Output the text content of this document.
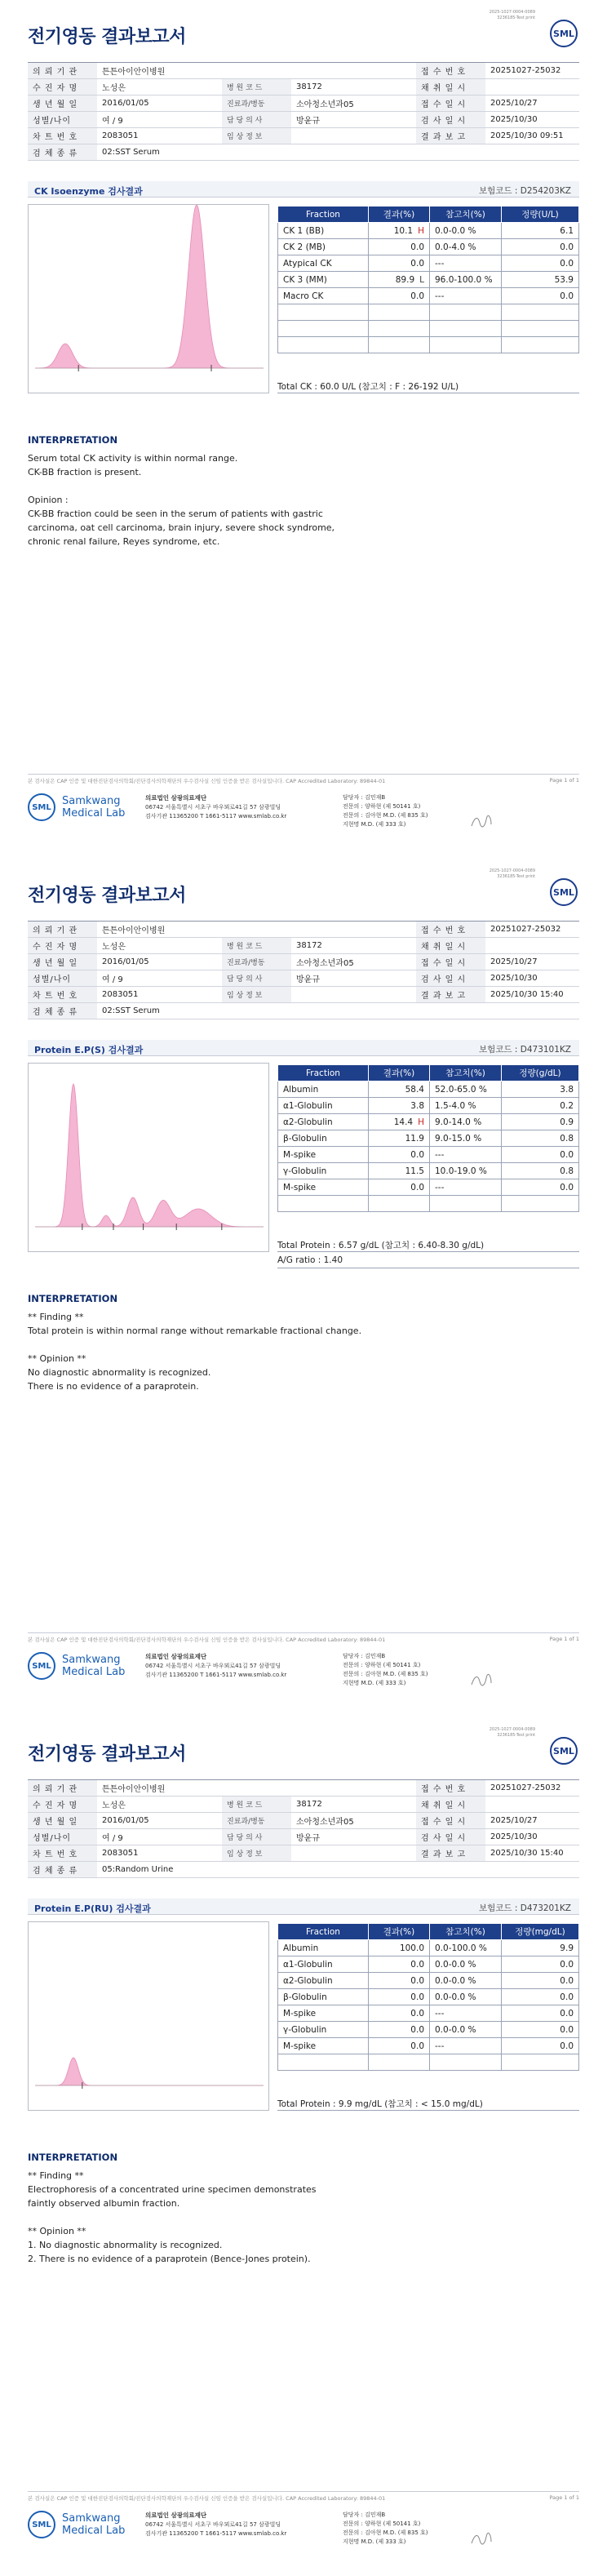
전기영동 결과보고서
2025-1027-0004-0089
3236185-Test print
SML
의 뢰 기 관	튼튼아이안이병원			접 수 번 호	20251027-25032
수 진 자 명	노성은	병 원 코 드	38172	채 취 일 시	
생 년 월 일	2016/01/05	진료과/병동	소아청소년과05	접 수 일 시	2025/10/27
성별/나이	여 / 9	담 당 의 사	방윤규	검 사 일 시	2025/10/30
차 트 번 호	2083051	임 상 정 보		결 과 보 고	2025/10/30 09:51
검 체 종 류	02:SST Serum				
CK Isoenzyme 검사결과	보험코드 : D254203KZ
Fraction	결과(%)	참고치(%)	정량(U/L)
CK 1 (BB)	10.1 H	0.0-0.0 %	6.1
CK 2 (MB)	0.0	0.0-4.0 %	0.0
Atypical CK	0.0	---	0.0
CK 3 (MM)	89.9 L	96.0-100.0 %	53.9
Macro CK	0.0	---	0.0

Total CK : 60.0 U/L (참고치 : F : 26-192 U/L)
INTERPRETATION
Serum total CK activity is within normal range.
CK-BB fraction is present.

Opinion :
CK-BB fraction could be seen in the serum of patients with gastric
carcinoma, oat cell carcinoma, brain injury, severe shock syndrome,
chronic renal failure, Reyes syndrome, etc.
본 검사실은 CAP 인증 및 대한진단검사의학회/진단검사의학재단의 우수검사실 신임 인증을 받은 검사실입니다. CAP Accredited Laboratory: 89844-01	Page 1 of 1
SML	Samkwang
Medical Lab
의료법인 삼광의료재단
06742 서울특별시 서초구 바우뫼로41길 57 삼광빌딩
검사기관 11365200 T 1661-5117 www.smlab.co.kr
담당자 : 김민재B
전문의 : 양하현 (제 50141 호)
전문의 : 김아현 M.D. (제 835 호)
지현명 M.D. (제 333 호)
전기영동 결과보고서
2025-1027-0004-0089
3236185-Test print
SML
의 뢰 기 관	튼튼아이안이병원			접 수 번 호	20251027-25032
수 진 자 명	노성은	병 원 코 드	38172	채 취 일 시	
생 년 월 일	2016/01/05	진료과/병동	소아청소년과05	접 수 일 시	2025/10/27
성별/나이	여 / 9	담 당 의 사	방윤규	검 사 일 시	2025/10/30
차 트 번 호	2083051	임 상 정 보		결 과 보 고	2025/10/30 15:40
검 체 종 류	02:SST Serum				
Protein E.P(S) 검사결과	보험코드 : D473101KZ
Fraction	결과(%)	참고치(%)	정량(g/dL)
Albumin	58.4	52.0-65.0 %	3.8
α1-Globulin	3.8	1.5-4.0 %	0.2
α2-Globulin	14.4 H	9.0-14.0 %	0.9
β-Globulin	11.9	9.0-15.0 %	0.8
M-spike	0.0	---	0.0
γ-Globulin	11.5	10.0-19.0 %	0.8
M-spike	0.0	---	0.0

Total Protein : 6.57 g/dL (참고치 : 6.40-8.30 g/dL)
A/G ratio : 1.40
INTERPRETATION
** Finding **
Total protein is within normal range without remarkable fractional change.

** Opinion **
No diagnostic abnormality is recognized.
There is no evidence of a paraprotein.
본 검사실은 CAP 인증 및 대한진단검사의학회/진단검사의학재단의 우수검사실 신임 인증을 받은 검사실입니다. CAP Accredited Laboratory: 89844-01	Page 1 of 1
SML	Samkwang
Medical Lab
의료법인 삼광의료재단
06742 서울특별시 서초구 바우뫼로41길 57 삼광빌딩
검사기관 11365200 T 1661-5117 www.smlab.co.kr
담당자 : 김민재B
전문의 : 양하현 (제 50141 호)
전문의 : 김아현 M.D. (제 835 호)
지현명 M.D. (제 333 호)
전기영동 결과보고서
2025-1027-0004-0089
3236185-Test print
SML
의 뢰 기 관	튼튼아이안이병원			접 수 번 호	20251027-25032
수 진 자 명	노성은	병 원 코 드	38172	채 취 일 시	
생 년 월 일	2016/01/05	진료과/병동	소아청소년과05	접 수 일 시	2025/10/27
성별/나이	여 / 9	담 당 의 사	방윤규	검 사 일 시	2025/10/30
차 트 번 호	2083051	임 상 정 보		결 과 보 고	2025/10/30 15:40
검 체 종 류	05:Random Urine				
Protein E.P(RU) 검사결과	보험코드 : D473201KZ
Fraction	결과(%)	참고치(%)	정량(mg/dL)
Albumin	100.0	0.0-100.0 %	9.9
α1-Globulin	0.0	0.0-0.0 %	0.0
α2-Globulin	0.0	0.0-0.0 %	0.0
β-Globulin	0.0	0.0-0.0 %	0.0
M-spike	0.0	---	0.0
γ-Globulin	0.0	0.0-0.0 %	0.0
M-spike	0.0	---	0.0

Total Protein : 9.9 mg/dL (참고치 : < 15.0 mg/dL)
INTERPRETATION
** Finding **
Electrophoresis of a concentrated urine specimen demonstrates
faintly observed albumin fraction.

** Opinion **
1. No diagnostic abnormality is recognized.
2. There is no evidence of a paraprotein (Bence-Jones protein).
본 검사실은 CAP 인증 및 대한진단검사의학회/진단검사의학재단의 우수검사실 신임 인증을 받은 검사실입니다. CAP Accredited Laboratory: 89844-01	Page 1 of 1
SML	Samkwang
Medical Lab
의료법인 삼광의료재단
06742 서울특별시 서초구 바우뫼로41길 57 삼광빌딩
검사기관 11365200 T 1661-5117 www.smlab.co.kr
담당자 : 김민재B
전문의 : 양하현 (제 50141 호)
전문의 : 김아현 M.D. (제 835 호)
지현명 M.D. (제 333 호)
